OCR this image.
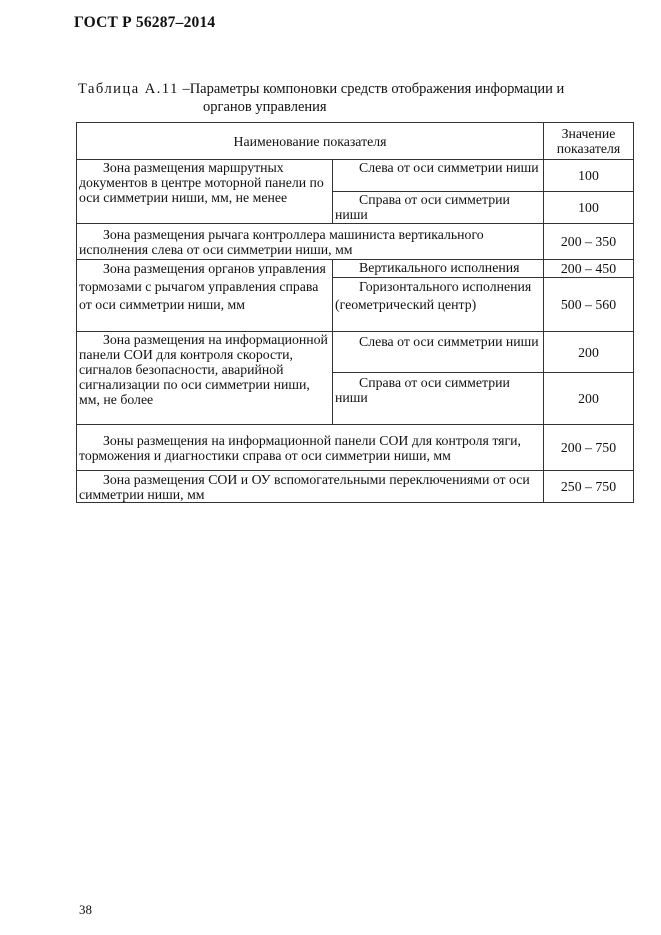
ГОСТ Р 56287–2014
Таблица А.11 –Параметры компоновки средств отображения информации и
органов управления
Наименование показателя		Значение показателя
Зона размещения маршрутных документов в центре моторной панели по оси симметрии ниши, мм, не менее	Слева от оси симметрии ниши	100
	Справа от оси симметрии ниши	100
Зона размещения рычага контроллера машиниста вертикального исполнения слева от оси симметрии ниши, мм		200 – 350
Зона размещения органов управления тормозами с рычагом управления справа от оси симметрии ниши, мм	Вертикального исполнения	200 – 450
	Горизонтального исполнения (геометрический центр)	500 – 560
Зона размещения на информационной панели СОИ для контроля скорости, сигналов безопасности, аварийной сигнализации по оси симметрии ниши, мм, не более	Слева от оси симметрии ниши	200
	Справа от оси симметрии ниши	200
Зоны размещения на информационной панели СОИ для контроля тяги, торможения и диагностики справа от оси симметрии ниши, мм		200 – 750
Зона размещения СОИ и ОУ вспомогательными переключениями от оси симметрии ниши, мм		250 – 750
38
